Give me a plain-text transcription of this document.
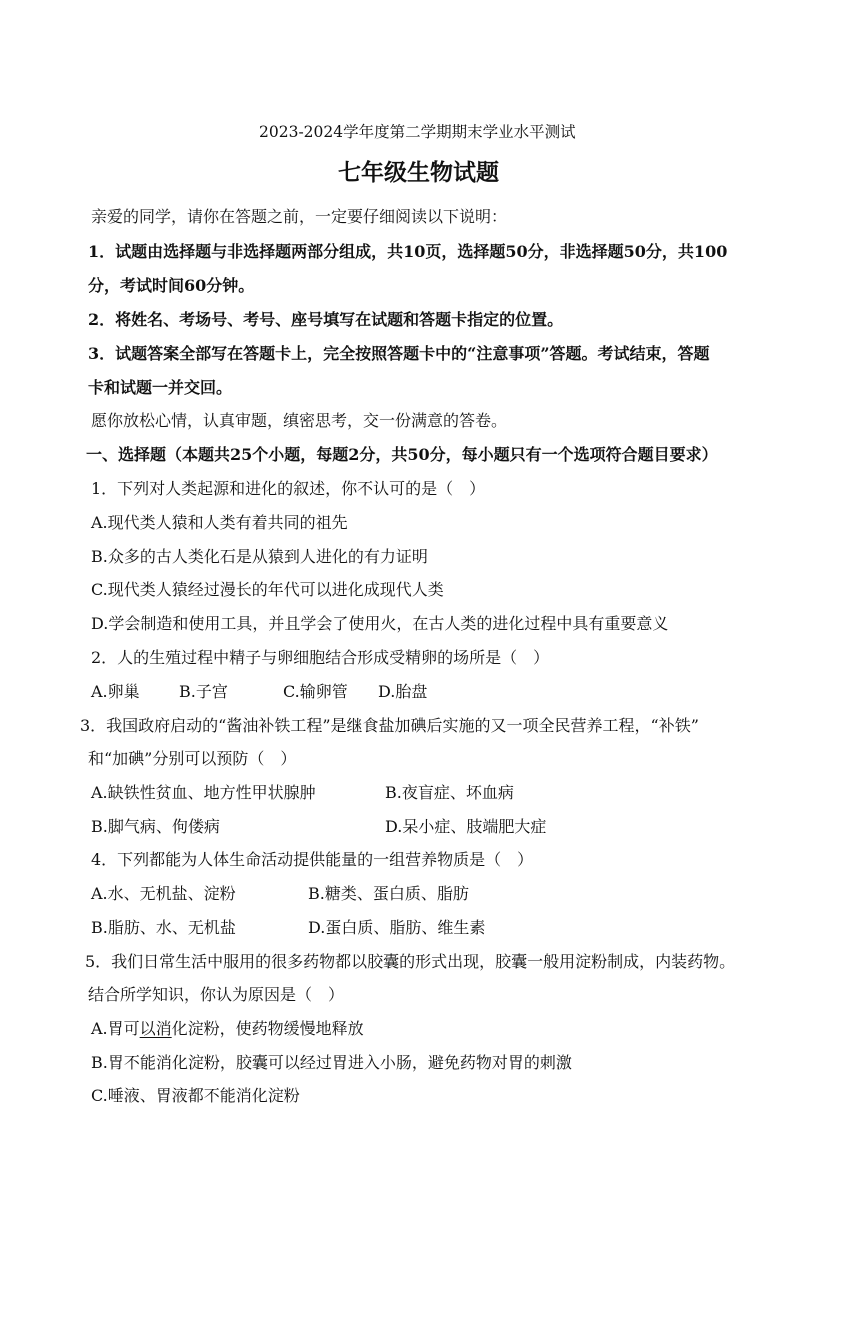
2023-2024学年度第二学期期末学业水平测试
七年级生物试题
亲爱的同学，请你在答题之前，一定要仔细阅读以下说明：
1．试题由选择题与非选择题两部分组成，共10页，选择题50分，非选择题50分，共100
分，考试时间60分钟。
2．将姓名、考场号、考号、座号填写在试题和答题卡指定的位置。
3．试题答案全部写在答题卡上，完全按照答题卡中的“注意事项”答题。考试结束，答题
卡和试题一并交回。
愿你放松心情，认真审题，缜密思考，交一份满意的答卷。
一、选择题（本题共25个小题，每题2分，共50分，每小题只有一个选项符合题目要求）
1．下列对人类起源和进化的叙述，你不认可的是（　）
A.现代类人猿和人类有着共同的祖先
B.众多的古人类化石是从猿到人进化的有力证明
C.现代类人猿经过漫长的年代可以进化成现代人类
D.学会制造和使用工具，并且学会了使用火，在古人类的进化过程中具有重要意义
2．人的生殖过程中精子与卵细胞结合形成受精卵的场所是（　）
A.卵巢 B.子宫	C.输卵管 D.胎盘
3．我国政府启动的“酱油补铁工程”是继食盐加碘后实施的又一项全民营养工程，“补铁”
和“加碘”分别可以预防（　）
A.缺铁性贫血、地方性甲状腺肿	B.夜盲症、坏血病
B.脚气病、佝偻病	D.呆小症、肢端肥大症
4．下列都能为人体生命活动提供能量的一组营养物质是（　）
A.水、无机盐、淀粉	B.糖类、蛋白质、脂肪
B.脂肪、水、无机盐	D.蛋白质、脂肪、维生素
5．我们日常生活中服用的很多药物都以胶囊的形式出现，胶囊一般用淀粉制成，内装药物。
结合所学知识，你认为原因是（　）
A.胃可以消化淀粉，使药物缓慢地释放
B.胃不能消化淀粉，胶囊可以经过胃进入小肠，避免药物对胃的刺激
C.唾液、胃液都不能消化淀粉
